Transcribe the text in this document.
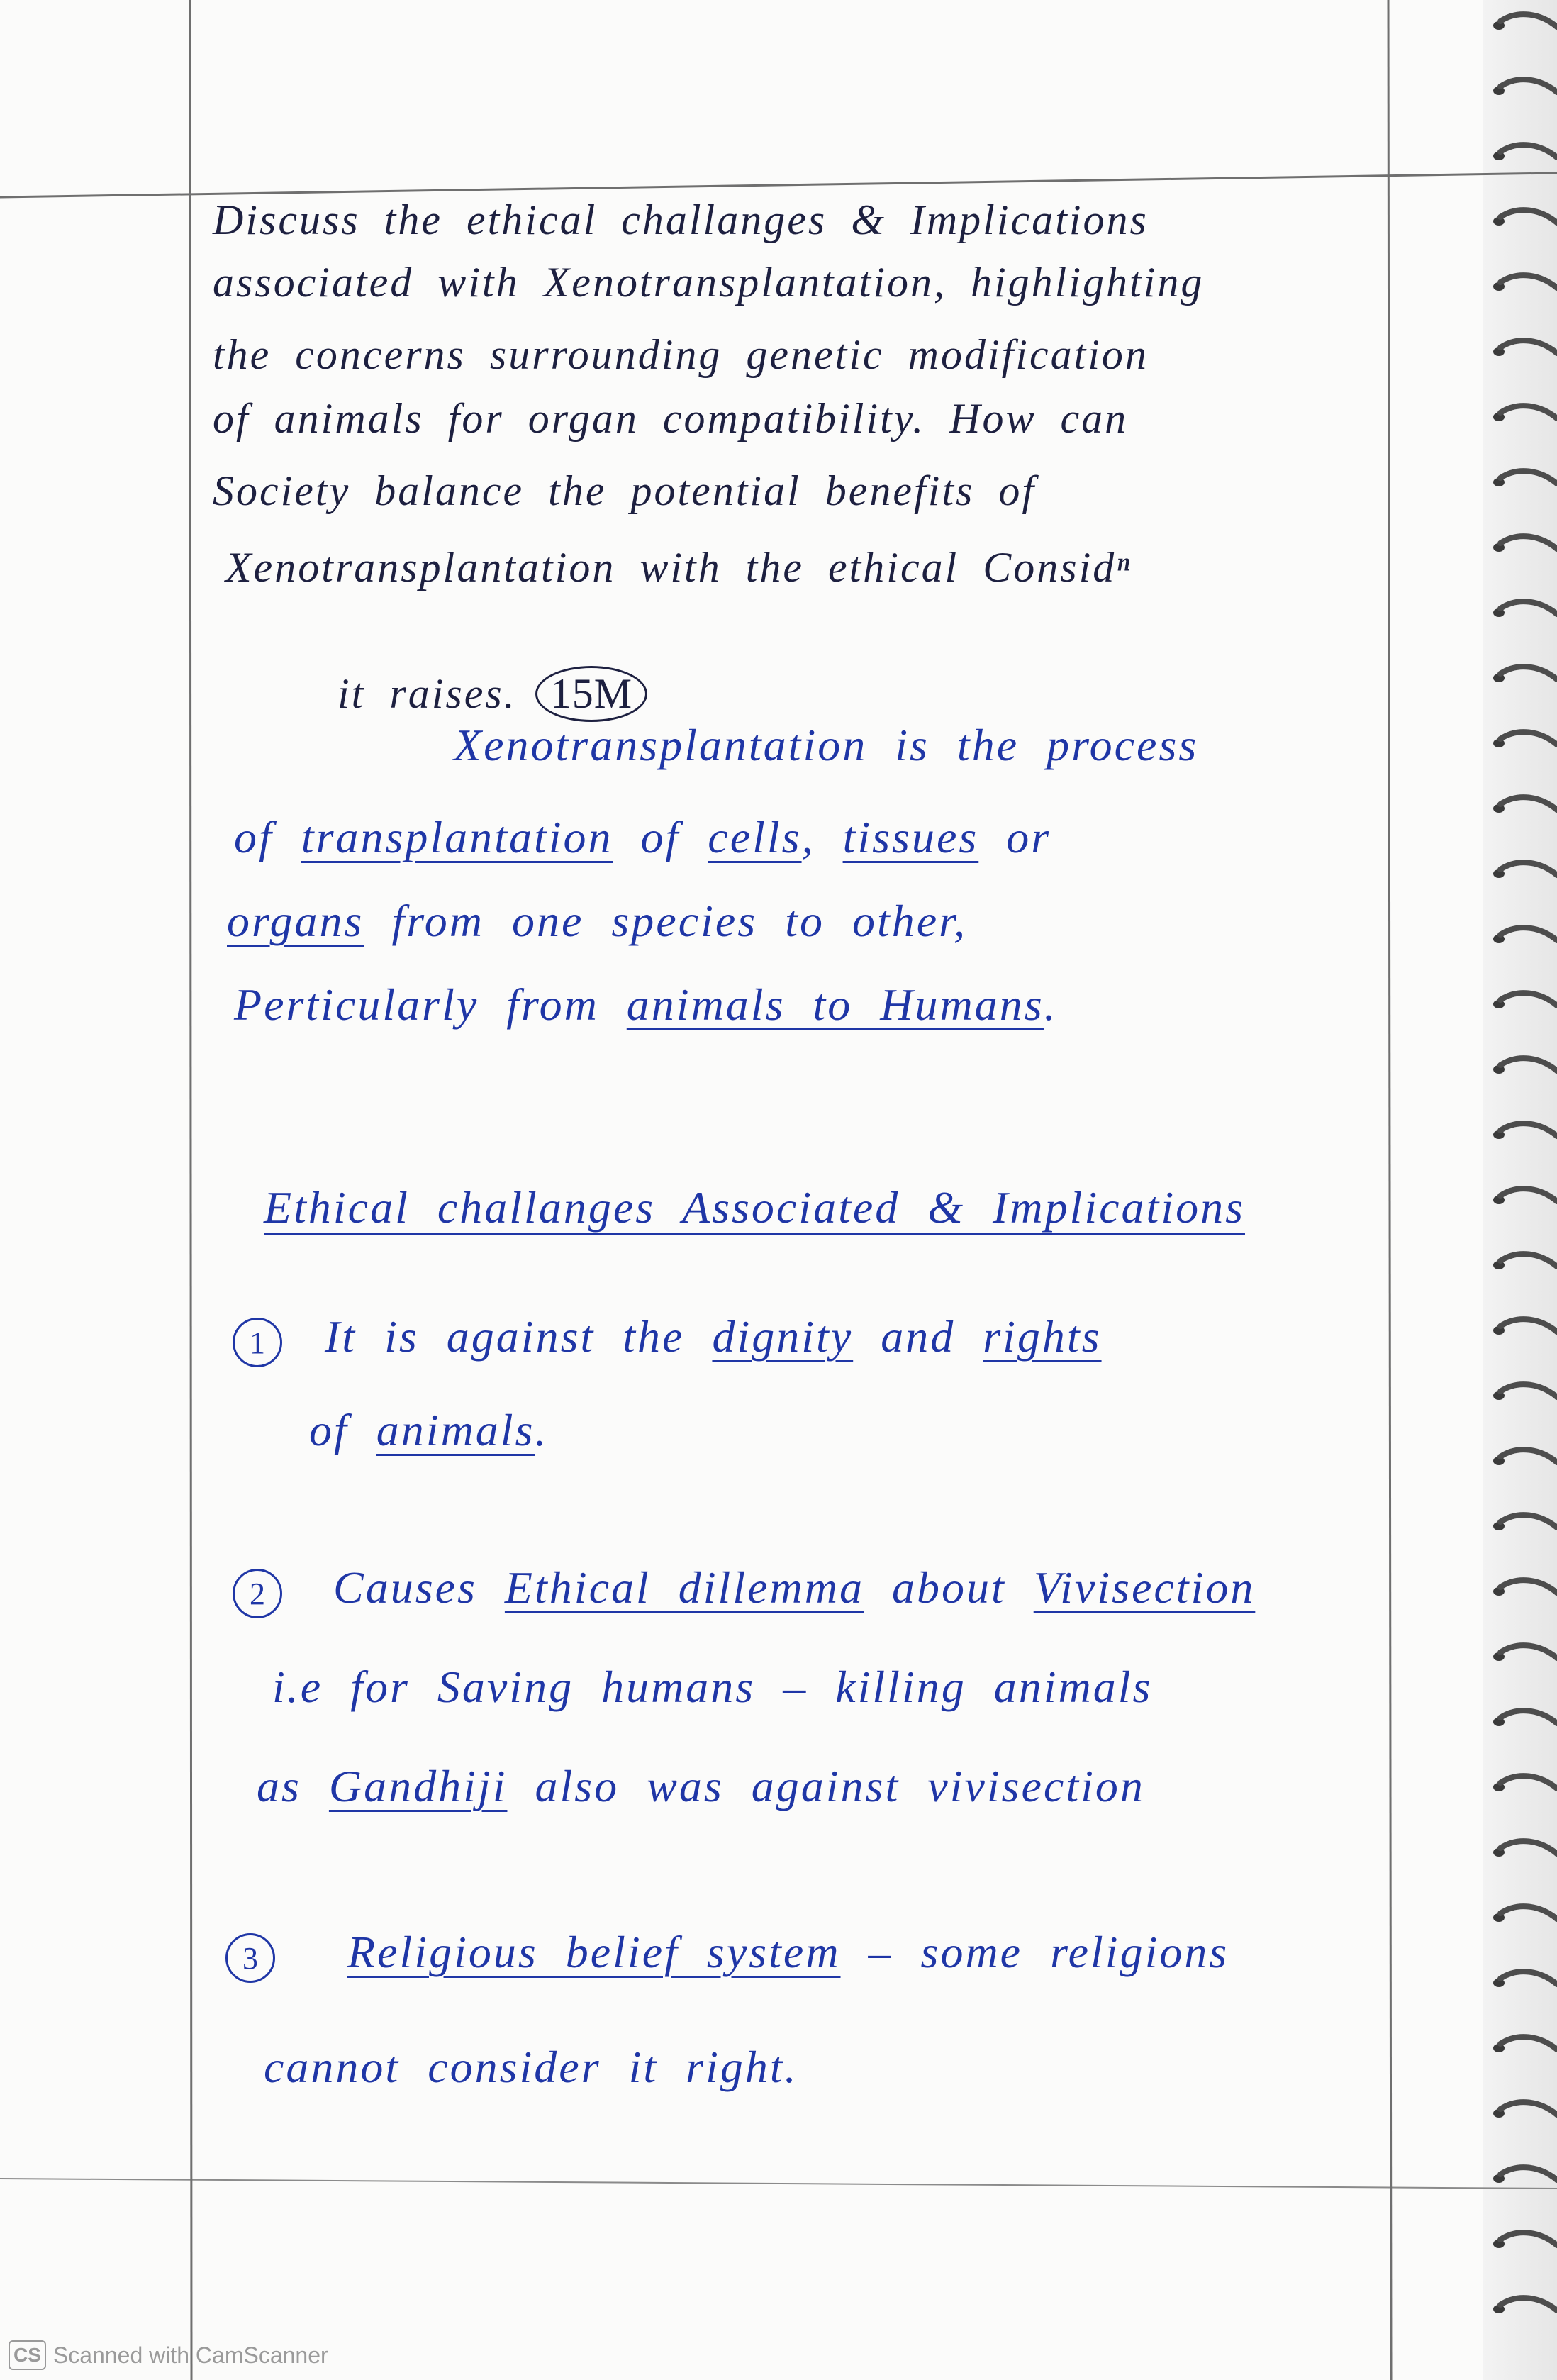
Discuss the ethical challanges & Implications
associated with Xenotransplantation, highlighting
the concerns surrounding genetic modification
of animals for organ compatibility. How can
Society balance the potential benefits of
Xenotransplantation with the ethical Considⁿ

it raises. 15M

Xenotransplantation is the process
of transplantation of cells, tissues or
organs from one species to other,
Perticularly from animals to Humans.
Ethical challanges Associated & Implications
1	It is against the dignity and rights
of animals.
2	Causes Ethical dillemma about Vivisection
i.e for Saving humans – killing animals
as Gandhiji also was against vivisection
3	Religious belief system – some religions
cannot consider it right.
CS Scanned with CamScanner
